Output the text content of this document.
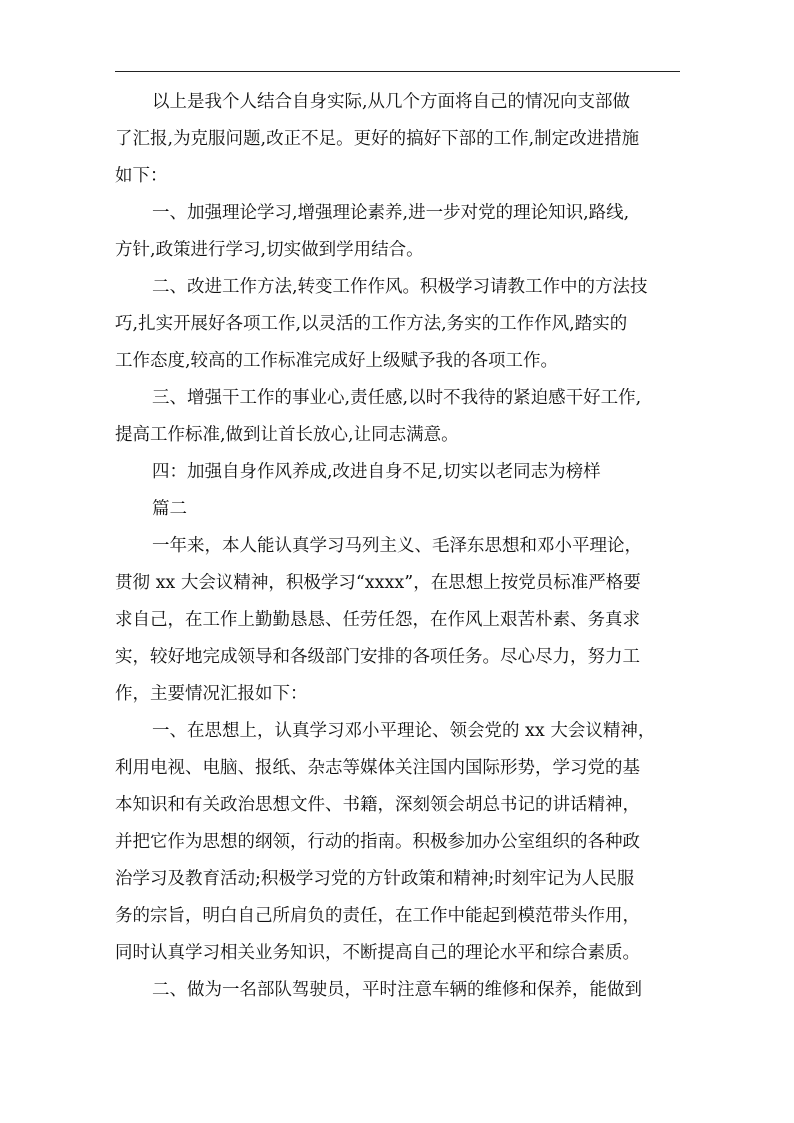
以上是我个人结合自身实际,从几个方面将自己的情况向支部做
了汇报,为克服问题,改正不足。更好的搞好下部的工作,制定改进措施
如下：
一、加强理论学习,增强理论素养,进一步对党的理论知识,路线,
方针,政策进行学习,切实做到学用结合。
二、改进工作方法,转变工作作风。积极学习请教工作中的方法技
巧,扎实开展好各项工作,以灵活的工作方法,务实的工作作风,踏实的
工作态度,较高的工作标准完成好上级赋予我的各项工作。
三、增强干工作的事业心,责任感,以时不我待的紧迫感干好工作,
提高工作标准,做到让首长放心,让同志满意。
四：加强自身作风养成,改进自身不足,切实以老同志为榜样
篇二
一年来，本人能认真学习马列主义、毛泽东思想和邓小平理论，
贯彻 xx 大会议精神，积极学习“xxxx”，在思想上按党员标准严格要
求自己，在工作上勤勤恳恳、任劳任怨，在作风上艰苦朴素、务真求
实，较好地完成领导和各级部门安排的各项任务。尽心尽力，努力工
作，主要情况汇报如下：
一、在思想上，认真学习邓小平理论、领会党的 xx 大会议精神，
利用电视、电脑、报纸、杂志等媒体关注国内国际形势，学习党的基
本知识和有关政治思想文件、书籍，深刻领会胡总书记的讲话精神，
并把它作为思想的纲领，行动的指南。积极参加办公室组织的各种政
治学习及教育活动;积极学习党的方针政策和精神;时刻牢记为人民服
务的宗旨，明白自己所肩负的责任，在工作中能起到模范带头作用，
同时认真学习相关业务知识，不断提高自己的理论水平和综合素质。
二、做为一名部队驾驶员，平时注意车辆的维修和保养，能做到
